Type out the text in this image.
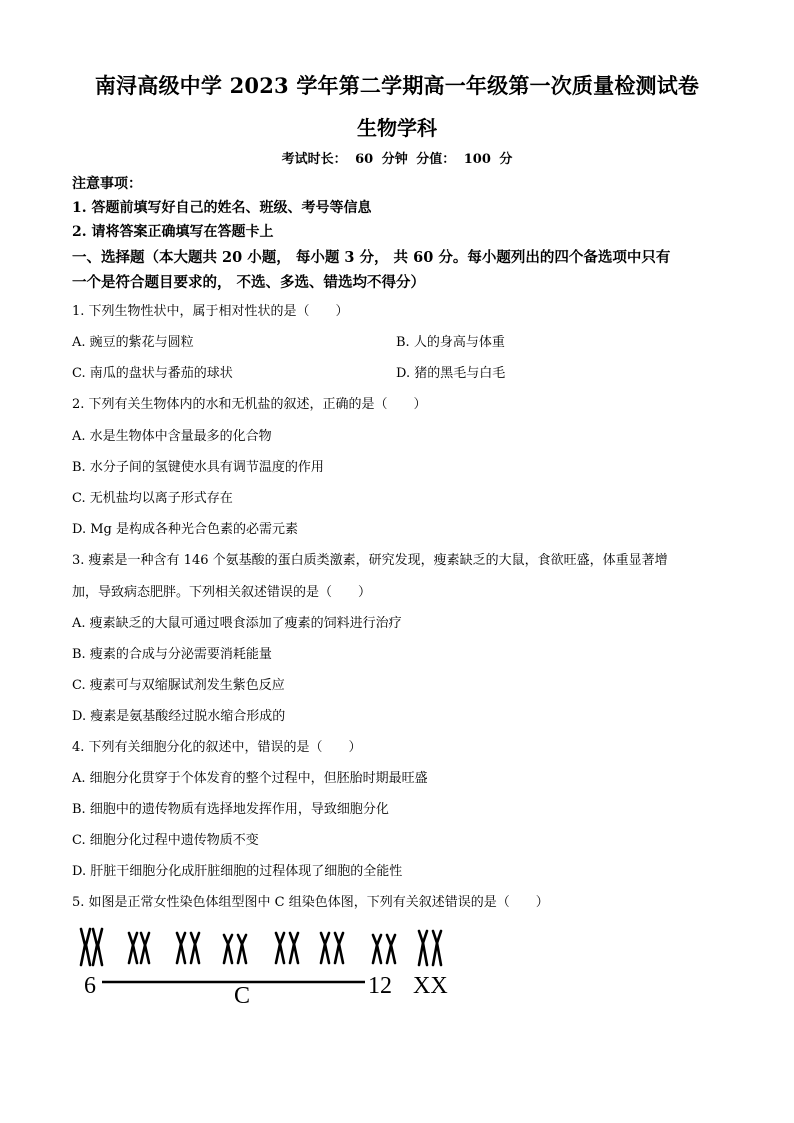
南浔高级中学 2023 学年第二学期高一年级第一次质量检测试卷
生物学科
考试时长： 60 分钟 分值： 100 分
注意事项：
1. 答题前填写好自己的姓名、班级、考号等信息
2. 请将答案正确填写在答题卡上
一、选择题（本大题共 20 小题， 每小题 3 分， 共 60 分。每小题列出的四个备选项中只有
一个是符合题目要求的， 不选、多选、错选均不得分）
1. 下列生物性状中，属于相对性状的是（　　）
A. 豌豆的紫花与圆粒	B. 人的身高与体重
C. 南瓜的盘状与番茄的球状	D. 猪的黑毛与白毛
2. 下列有关生物体内的水和无机盐的叙述，正确的是（　　）
A. 水是生物体中含量最多的化合物
B. 水分子间的氢键使水具有调节温度的作用
C. 无机盐均以离子形式存在
D. Mg 是构成各种光合色素的必需元素
3. 瘦素是一种含有 146 个氨基酸的蛋白质类激素，研究发现，瘦素缺乏的大鼠，食欲旺盛，体重显著增
加，导致病态肥胖。下列相关叙述错误的是（　　）
A. 瘦素缺乏的大鼠可通过喂食添加了瘦素的饲料进行治疗
B. 瘦素的合成与分泌需要消耗能量
C. 瘦素可与双缩脲试剂发生紫色反应
D. 瘦素是氨基酸经过脱水缩合形成的
4. 下列有关细胞分化的叙述中，错误的是（　　）
A. 细胞分化贯穿于个体发育的整个过程中，但胚胎时期最旺盛
B. 细胞中的遗传物质有选择地发挥作用，导致细胞分化
C. 细胞分化过程中遗传物质不变
D. 肝脏干细胞分化成肝脏细胞的过程体现了细胞的全能性
5. 如图是正常女性染色体组型图中 C 组染色体图，下列有关叙述错误的是（　　）
6	C	12 XX
